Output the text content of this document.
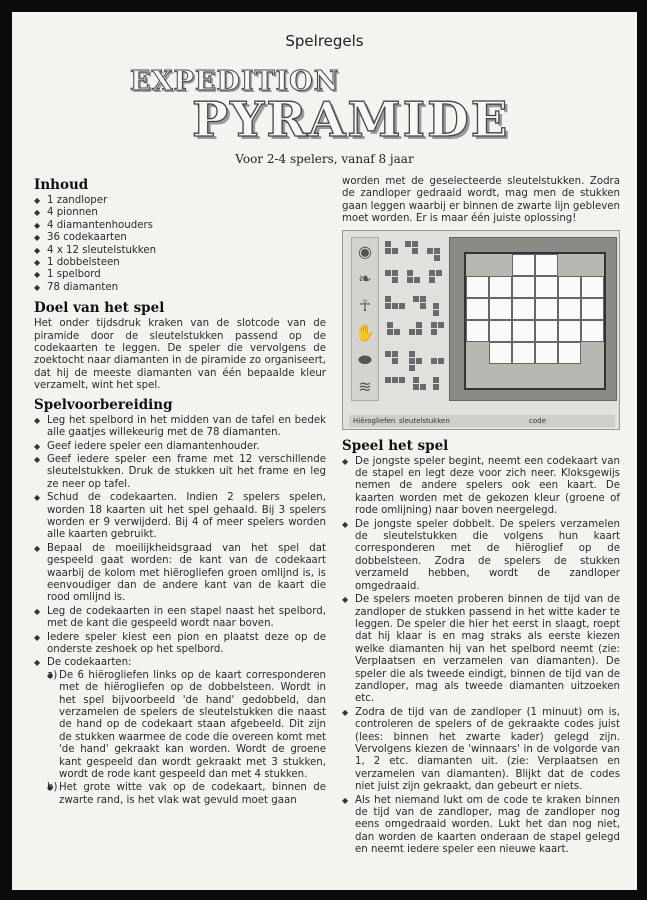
Spelregels
EXPEDITION
PYRAMIDE
Voor 2-4 spelers, vanaf 8 jaar
Inhoud
◆ 1 zandloper
◆ 4 pionnen
◆ 4 diamantenhouders
◆ 36 codekaarten
◆ 4 x 12 sleutelstukken
◆ 1 dobbelsteen
◆ 1 spelbord
◆ 78 diamanten
Doel van het spel

Het onder tijdsdruk kraken van de slotcode van de piramide door de sleutelstukken passend op de codekaarten te leggen. De speler die vervolgens de zoektocht naar diamanten in de piramide zo organiseert, dat hij de meeste diamanten van één bepaalde kleur verzamelt, wint het spel.

Spelvoorbereiding
◆ Leg het spelbord in het midden van de tafel en bedek alle gaatjes willekeurig met de 78 diamanten.
◆ Geef iedere speler een diamantenhouder.
◆ Geef iedere speler een frame met 12 verschillende sleutelstukken. Druk de stukken uit het frame en leg ze neer op tafel.
◆ Schud de codekaarten. Indien 2 spelers spelen, worden 18 kaarten uit het spel gehaald. Bij 3 spelers worden er 9 verwijderd. Bij 4 of meer spelers worden alle kaarten gebruikt.
◆ Bepaal de moeilijkheidsgraad van het spel dat gespeeld gaat worden: de kant van de codekaart waarbij de kolom met hiërogliefen groen omlijnd is, is eenvoudiger dan de andere kant van de kaart die rood omlijnd is.
◆ Leg de codekaarten in een stapel naast het spelbord, met de kant die gespeeld wordt naar boven.
◆ Iedere speler kiest een pion en plaatst deze op de onderste zeshoek op het spelbord.
◆ De codekaarten:
◆ a) De 6 hiërogliefen links op de kaart corresponderen met de hiërogliefen op de dobbelsteen. Wordt in het spel bijvoorbeeld 'de hand' gedobbeld, dan verzamelen de spelers de sleutelstukken die naast de hand op de codekaart staan afgebeeld. Dit zijn de stukken waarmee de code die overeen komt met 'de hand' gekraakt kan worden. Wordt de groene kant gespeeld dan wordt gekraakt met 3 stukken, wordt de rode kant gespeeld dan met 4 stukken.
◆ b) Het grote witte vak op de codekaart, binnen de zwarte rand, is het vlak wat gevuld moet gaan

worden met de geselecteerde sleutelstukken. Zodra de zandloper gedraaid wordt, mag men de stukken gaan leggen waarbij er binnen de zwarte lijn gebleven moet worden. Er is maar één juiste oplossing!

◉
❧
☥
✋
⬬
≋
Hiërogliefen sleutelstukken	code
Speel het spel
◆ De jongste speler begint, neemt een codekaart van de stapel en legt deze voor zich neer. Kloksgewijs nemen de andere spelers ook een kaart. De kaarten worden met de gekozen kleur (groene of rode omlijning) naar boven neergelegd.
◆ De jongste speler dobbelt. De spelers verzamelen de sleutelstukken die volgens hun kaart corresponderen met de hiëroglief op de dobbelsteen. Zodra de spelers de stukken verzameld hebben, wordt de zandloper omgedraaid.
◆ De spelers moeten proberen binnen de tijd van de zandloper de stukken passend in het witte kader te leggen. De speler die hier het eerst in slaagt, roept dat hij klaar is en mag straks als eerste kiezen welke diamanten hij van het spelbord neemt (zie: Verplaatsen en verzamelen van diamanten). De speler die als tweede eindigt, binnen de tijd van de zandloper, mag als tweede diamanten uitzoeken etc.
◆ Zodra de tijd van de zandloper (1 minuut) om is, controleren de spelers of de gekraakte codes juist (lees: binnen het zwarte kader) gelegd zijn. Vervolgens kiezen de 'winnaars' in de volgorde van 1, 2 etc. diamanten uit. (zie: Verplaatsen en verzamelen van diamanten). Blijkt dat de codes niet juist zijn gekraakt, dan gebeurt er niets.
◆ Als het niemand lukt om de code te kraken binnen de tijd van de zandloper, mag de zandloper nog eens omgedraaid worden. Lukt het dan nog niet, dan worden de kaarten onderaan de stapel gelegd en neemt iedere speler een nieuwe kaart.
